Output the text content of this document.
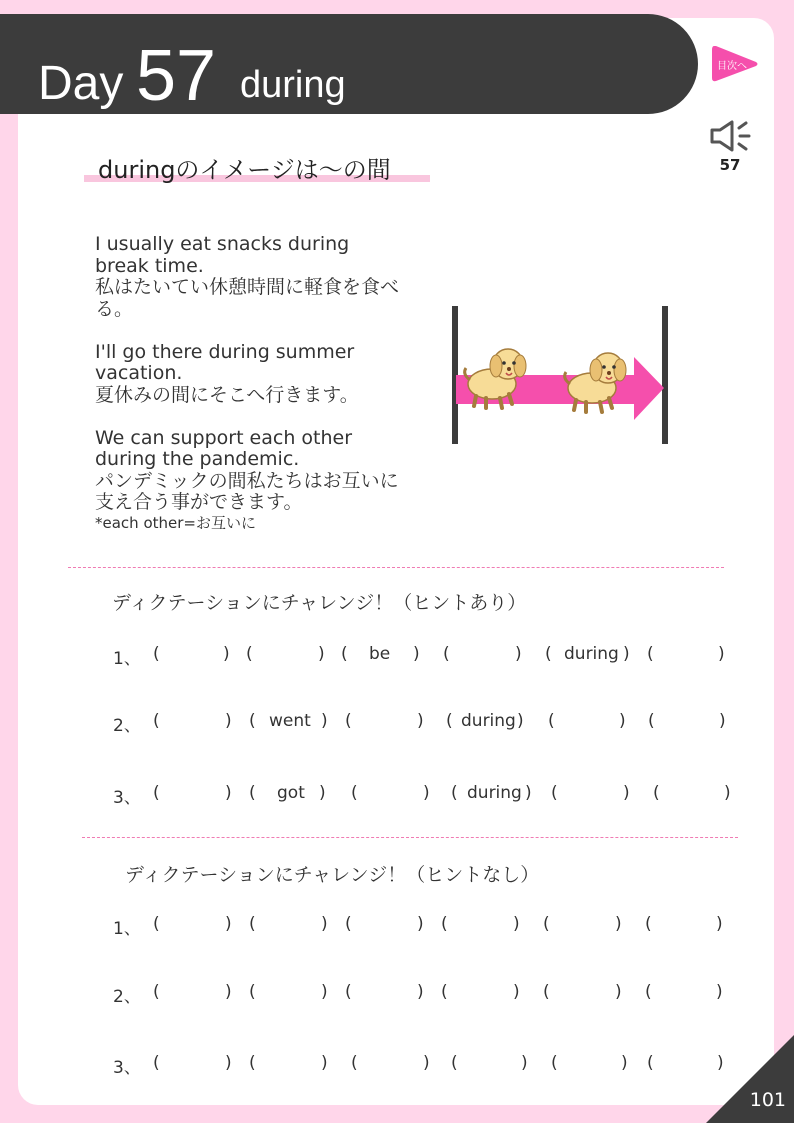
Day 57 during	目次へ
57
duringのイメージは〜の間
I usually eat snacks during
break time.
私はたいてい休憩時間に軽食を食べ
る。
I'll go there during summer
vacation.
夏休みの間にそこへ行きます。
We can support each other
during the pandemic.
パンデミックの間私たちはお互いに
支え合う事ができます。
*each other=お互いに
ディクテーションにチャレンジ！（ヒントあり）
1、 (	) (	) ( be ) (	) ( during ) (	)
2、 (	) ( went ) (	) ( during ) (	) (	)
3、 (	) ( got ) (	) ( during ) (	) (	)
ディクテーションにチャレンジ！（ヒントなし）
1、 (	) (	) (	) (	) (	) (	)
2、 (	) (	) (	) (	) (	) (	)
3、 (	) (	) (	) (	) (	) (	)
101
